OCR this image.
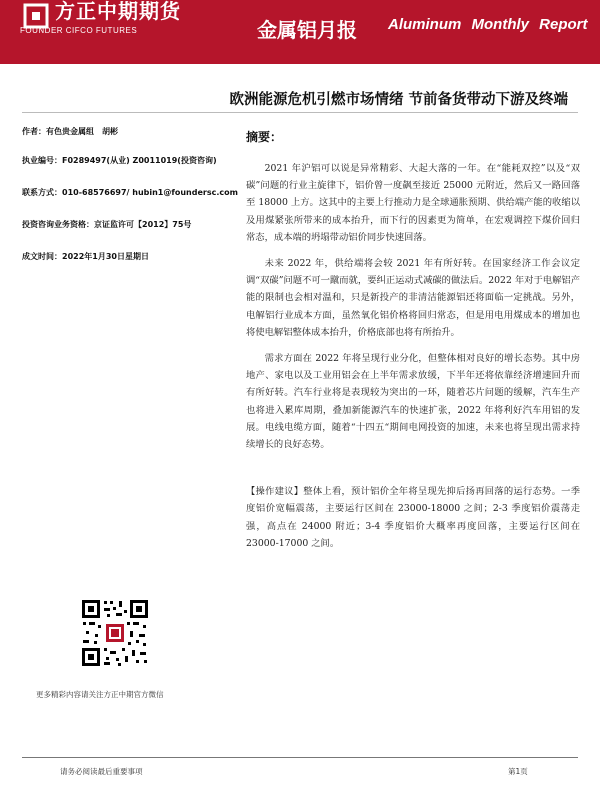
方正中期期货
FOUNDER CIFCO FUTURES	金属铝月报 Aluminum Monthly Report
欧洲能源危机引燃市场情绪 节前备货带动下游及终端
作者：有色贵金属组　胡彬
执业编号：F0289497(从业) Z0011019(投资咨询)
联系方式：010-68576697/ hubin1@foundersc.com
投资咨询业务资格：京证监许可【2012】75号
成文时间：2022年1月30日星期日
摘要：

2021 年沪铝可以说是异常精彩、大起大落的一年。在“能耗双控”以及“双碳”问题的行业主旋律下，铝价曾一度飙至接近 25000 元附近，然后又一路回落至 18000 上方。这其中的主要上行推动力是全球通胀预期、供给端产能的收缩以及用煤紧张所带来的成本抬升，而下行的因素更为简单，在宏观调控下煤价回归常态，成本端的坍塌带动铝价同步快速回落。

未来 2022 年，供给端将会较 2021 年有所好转。在国家经济工作会议定调“双碳”问题不可一蹴而就，要纠正运动式减碳的做法后。2022 年对于电解铝产能的限制也会相对温和，只是新投产的非清洁能源铝还将面临一定挑战。另外，电解铝行业成本方面，虽然氧化铝价格将回归常态，但是用电用煤成本的增加也将使电解铝整体成本抬升，价格底部也将有所抬升。

需求方面在 2022 年将呈现行业分化，但整体相对良好的增长态势。其中房地产、家电以及工业用铝会在上半年需求放缓，下半年还将依靠经济增速回升而有所好转。汽车行业将是表现较为突出的一环，随着芯片问题的缓解，汽车生产也将进入累库周期，叠加新能源汽车的快速扩张，2022 年将利好汽车用铝的发展。电线电缆方面，随着“十四五“期间电网投资的加速，未来也将呈现出需求持续增长的良好态势。

【操作建议】整体上看，预计铝价全年将呈现先抑后扬再回落的运行态势。一季度铝价宽幅震荡，主要运行区间在 23000-18000 之间；2-3 季度铝价震荡走强，高点在 24000 附近；3-4 季度铝价大概率再度回落，主要运行区间在 23000-17000 之间。

更多精彩内容请关注方正中期官方微信
请务必阅读最后重要事项	第1页
